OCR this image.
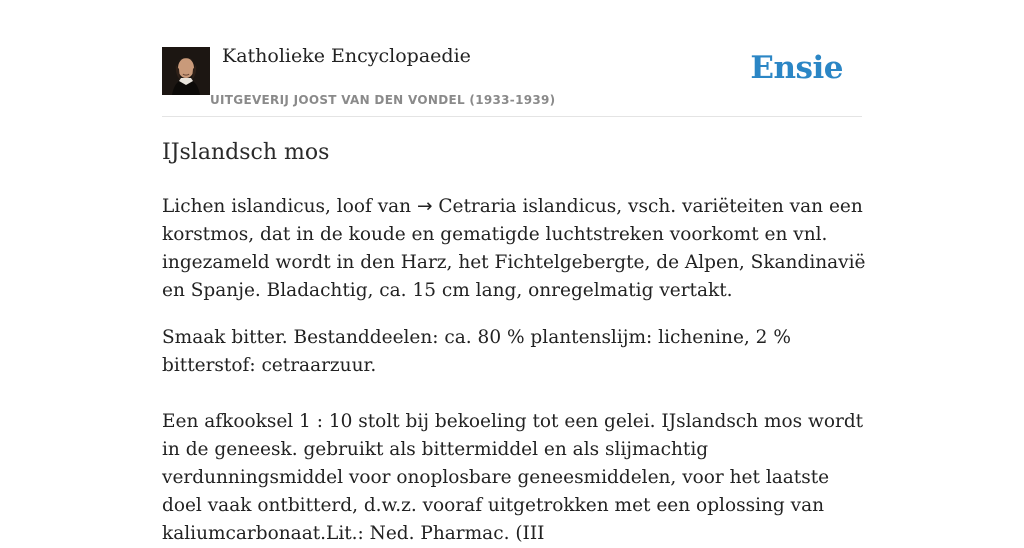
Katholieke Encyclopaedie
UITGEVERIJ JOOST VAN DEN VONDEL (1933-1939)
Ensie
IJslandsch mos

Lichen islandicus, loof van → Cetraria islandicus, vsch. variëteiten van een korstmos, dat in de koude en gematigde luchtstreken voorkomt en vnl. ingezameld wordt in den Harz, het Fichtelgebergte, de Alpen, Skandinavië en Spanje. Bladachtig, ca. 15 cm lang, onregelmatig vertakt.

Smaak bitter. Bestanddeelen: ca. 80 % plantenslijm: lichenine, 2 % bitterstof: cetraarzuur.

Een afkooksel 1 : 10 stolt bij bekoeling tot een gelei. IJslandsch mos wordt in de geneesk. gebruikt als bittermiddel en als slijmachtig verdunningsmiddel voor onoplosbare geneesmiddelen, voor het laatste doel vaak ontbitterd, d.w.z. vooraf uitgetrokken met een oplossing van kaliumcarbonaat.Lit.: Ned. Pharmac. (III
